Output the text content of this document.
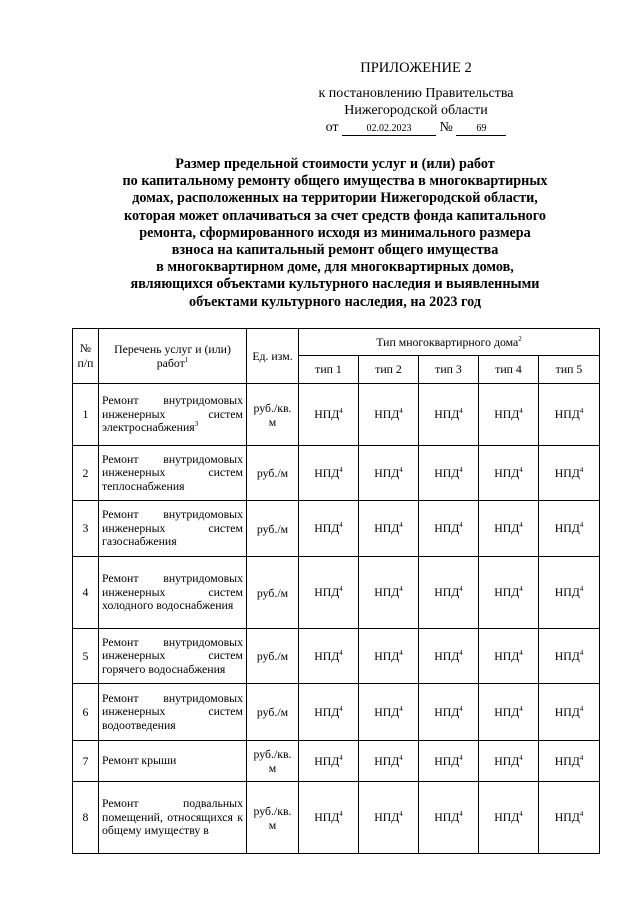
ПРИЛОЖЕНИЕ 2
к постановлению Правительства
Нижегородской области
от	02.02.2023 № 69
Размер предельной стоимости услуг и (или) работ
по капитальному ремонту общего имущества в многоквартирных
домах, расположенных на территории Нижегородской области,
которая может оплачиваться за счет средств фонда капитального
ремонта, сформированного исходя из минимального размера
взноса на капитальный ремонт общего имущества
в многоквартирном доме, для многоквартирных домов,
являющихся объектами культурного наследия и выявленными
объектами культурного наследия, на 2023 год
№ п/п	Перечень услуг и (или) работ$^1$	Ед. изм.	Тип многоквартирного дома$^2$
			тип 1	тип 2	тип 3	тип 4	тип 5
1	Ремонт внутридомовых инженерных систем электроснабжения$^3$	руб./кв. м	НПД$^4$	НПД$^4$	НПД$^4$	НПД$^4$	НПД$^4$
2	Ремонт внутридомовых инженерных систем теплоснабжения	руб./м	НПД$^4$	НПД$^4$	НПД$^4$	НПД$^4$	НПД$^4$
3	Ремонт внутридомовых инженерных систем газоснабжения	руб./м	НПД$^4$	НПД$^4$	НПД$^4$	НПД$^4$	НПД$^4$
4	Ремонт внутридомовых инженерных систем холодного водоснабжения	руб./м	НПД$^4$	НПД$^4$	НПД$^4$	НПД$^4$	НПД$^4$
5	Ремонт внутридомовых инженерных систем горячего водоснабжения	руб./м	НПД$^4$	НПД$^4$	НПД$^4$	НПД$^4$	НПД$^4$
6	Ремонт внутридомовых инженерных систем водоотведения	руб./м	НПД$^4$	НПД$^4$	НПД$^4$	НПД$^4$	НПД$^4$
7	Ремонт крыши	руб./кв. м	НПД$^4$	НПД$^4$	НПД$^4$	НПД$^4$	НПД$^4$
8	Ремонт подвальных помещений, относящихся к общему имуществу в	руб./кв. м	НПД$^4$	НПД$^4$	НПД$^4$	НПД$^4$	НПД$^4$
